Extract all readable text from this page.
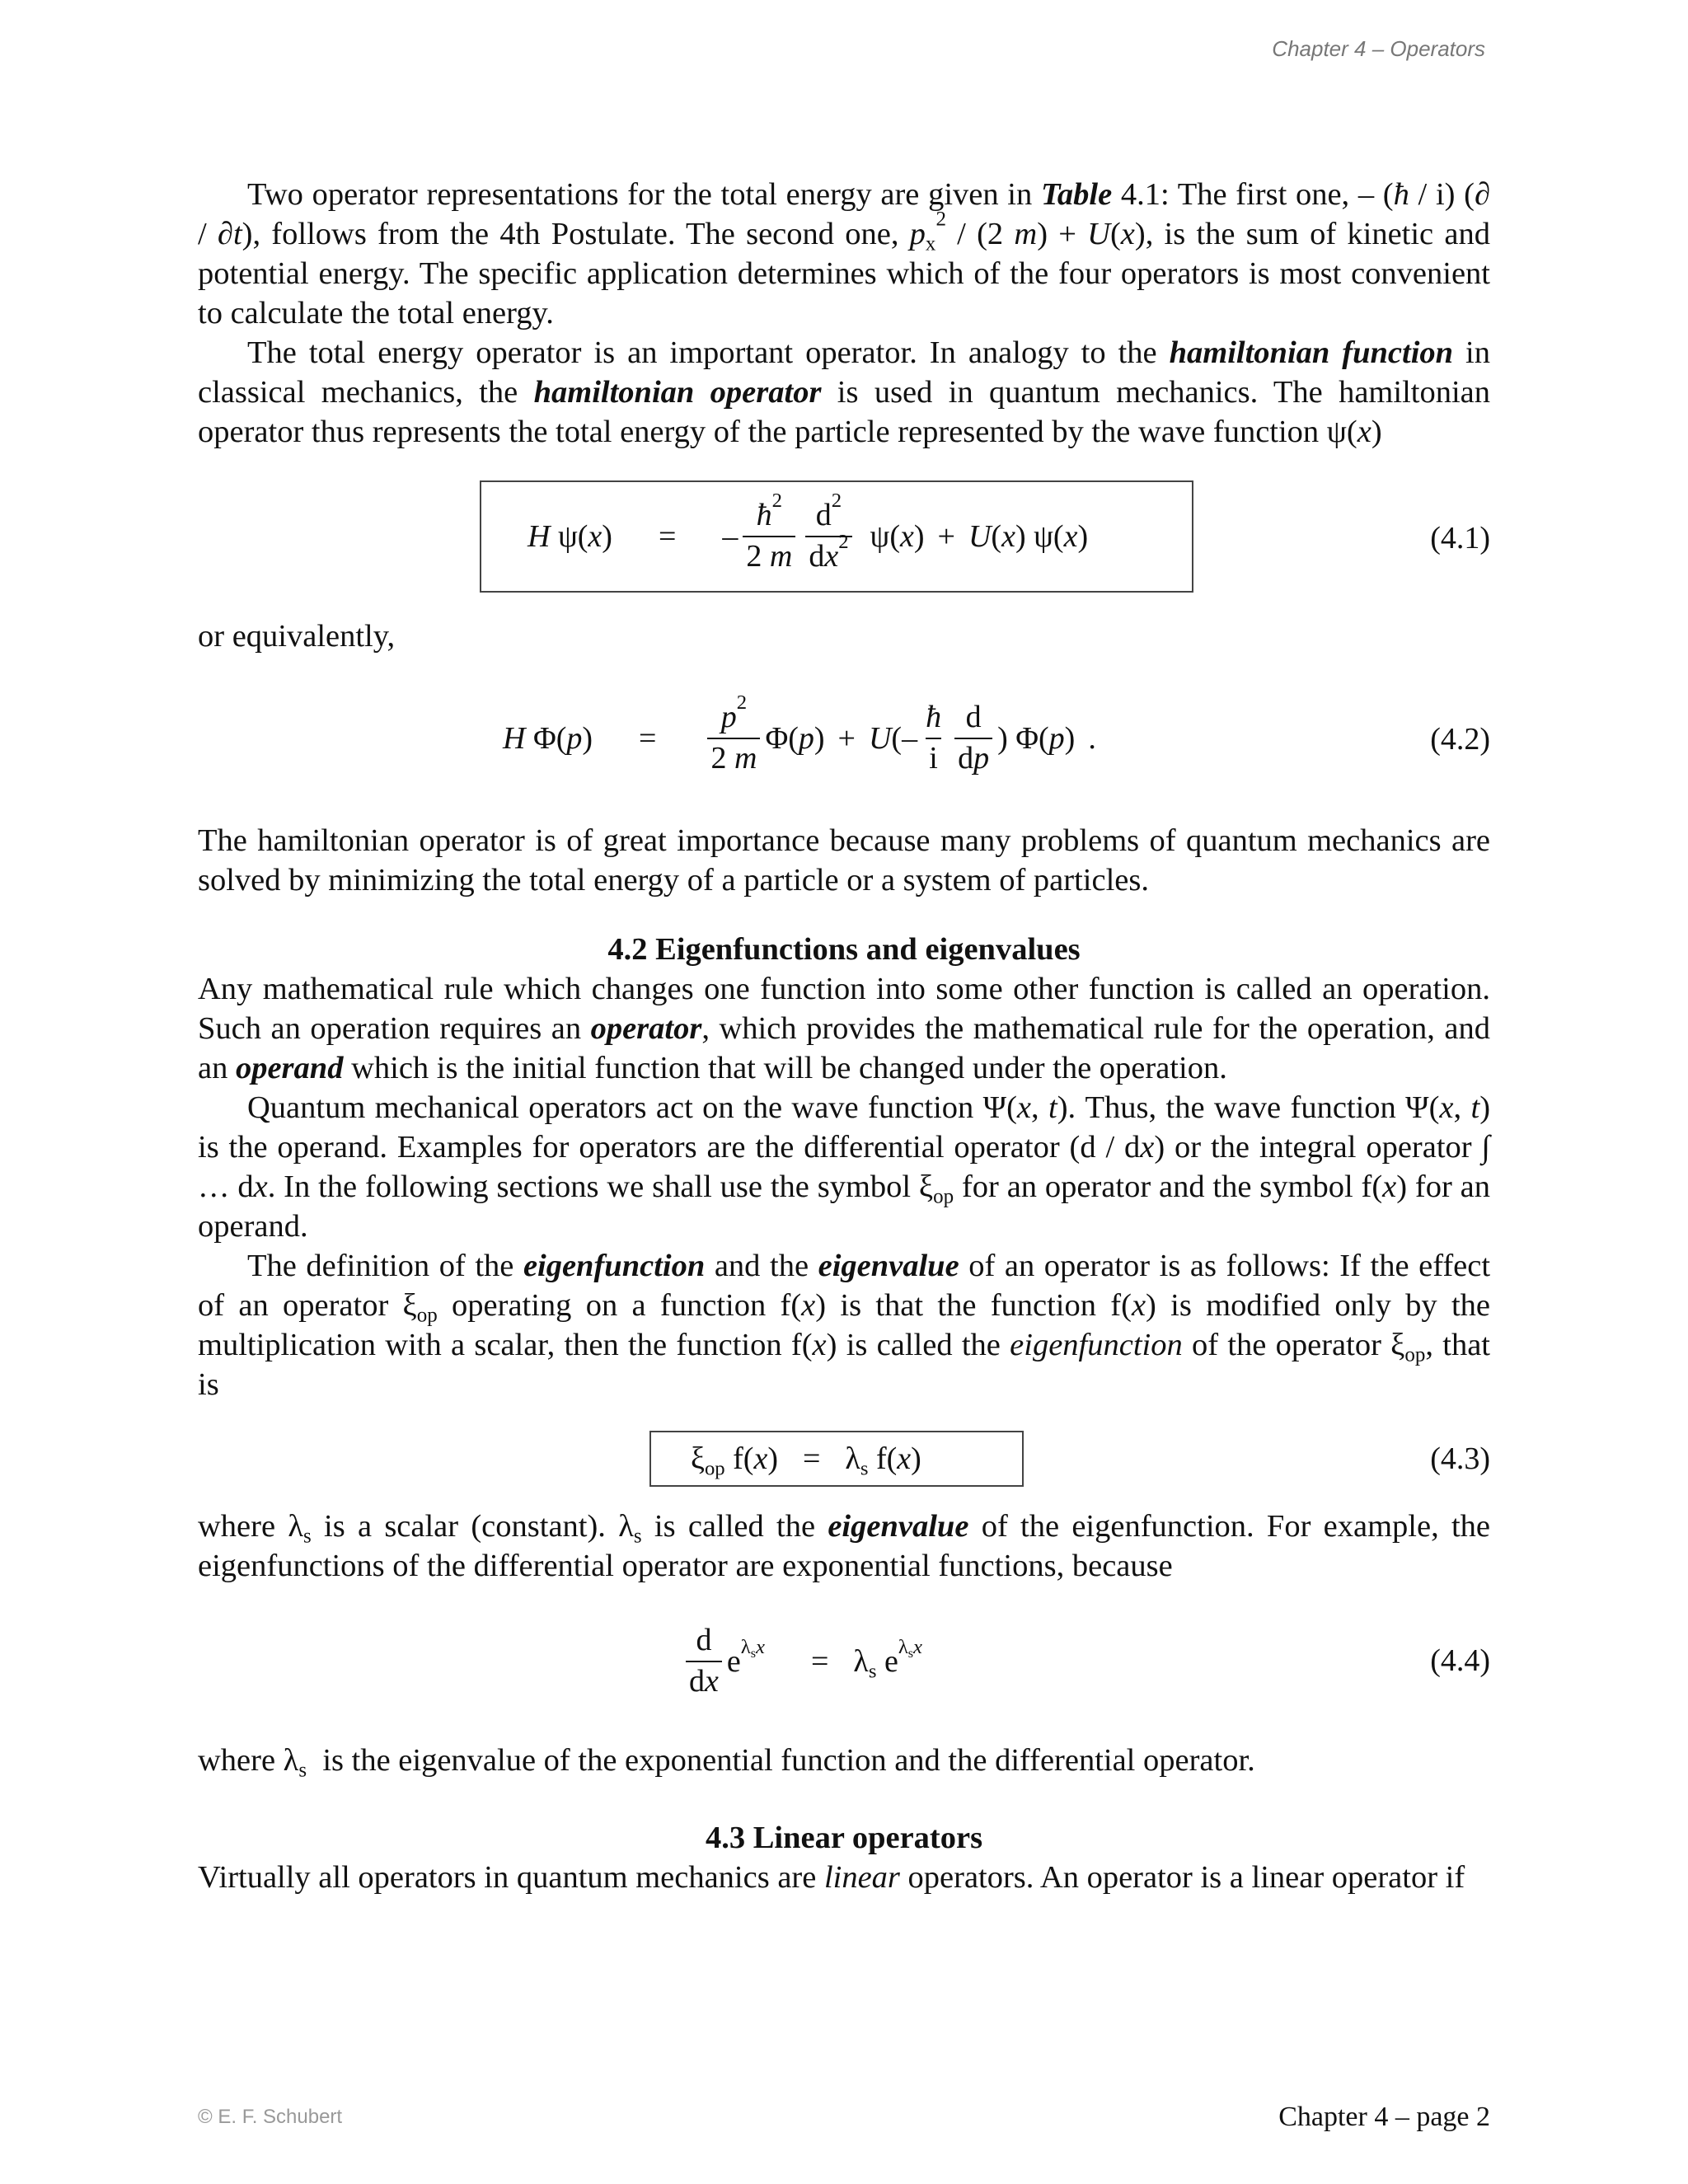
Chapter 4 – Operators

Two operator representations for the total energy are given in Table 4.1: The first one, – (ħ / i) (∂ / ∂t), follows from the 4th Postulate. The second one, $p_x^2 / (2$ m) + U(x), is the sum of kinetic and potential energy. The specific application determines which of the four operators is most convenient to calculate the total energy.

The total energy operator is an important operator. In analogy to the hamiltonian function in classical mechanics, the hamiltonian operator is used in quantum mechanics. The hamiltonian operator thus represents the total energy of the particle represented by the wave function ψ(x)

H ψ(x) = – $\frac{ħ^2}{2 m} \frac{d^2}{dx^2} \psi(x) + U(x)$ ψ(x)	(4.1)

or equivalently,

H $\Phi(p) = \frac{p^2}{2 m} \Phi(p) + U(- \frac{ħ}{i} \frac{d}{dp}$ ) Φ(p) .	(4.2)

The hamiltonian operator is of great importance because many problems of quantum mechanics are solved by minimizing the total energy of a particle or a system of particles.

4.2 Eigenfunctions and eigenvalues

Any mathematical rule which changes one function into some other function is called an operation. Such an operation requires an operator, which provides the mathematical rule for the operation, and an operand which is the initial function that will be changed under the operation.

Quantum mechanical operators act on the wave function Ψ(x, t). Thus, the wave function Ψ(x, t) is the operand. Examples for operators are the differential operator (d / dx) or the integral operator ∫ … dx. In the following sections we shall use the symbol $\xi_{op}$ for an operator and the symbol f(x) for an operand.

The definition of the eigenfunction and the eigenvalue of an operator is as follows: If the effect of an operator $\xi_{op}$ operating on a function f(x) is that the function f(x) is modified only by the multiplication with a scalar, then the function f(x) is called the eigenfunction of the operator $\xi_{op}$, that is

$\xi_{op}$ $f(x) = \lambda_s$ f(x)	(4.3)

where $\lambda_s$ is a scalar (constant). $\lambda_s$ is called the eigenvalue of the eigenfunction. For example, the eigenfunctions of the differential operator are exponential functions, because

$\frac{d}{dx} e^{\lambda_sx} = \lambda_s$ $e^{\lambda_sx}$	(4.4)

where $\lambda_s$  is the eigenvalue of the exponential function and the differential operator.

4.3 Linear operators

Virtually all operators in quantum mechanics are linear operators. An operator is a linear operator if

© E. F. Schubert	Chapter 4 – page 2
